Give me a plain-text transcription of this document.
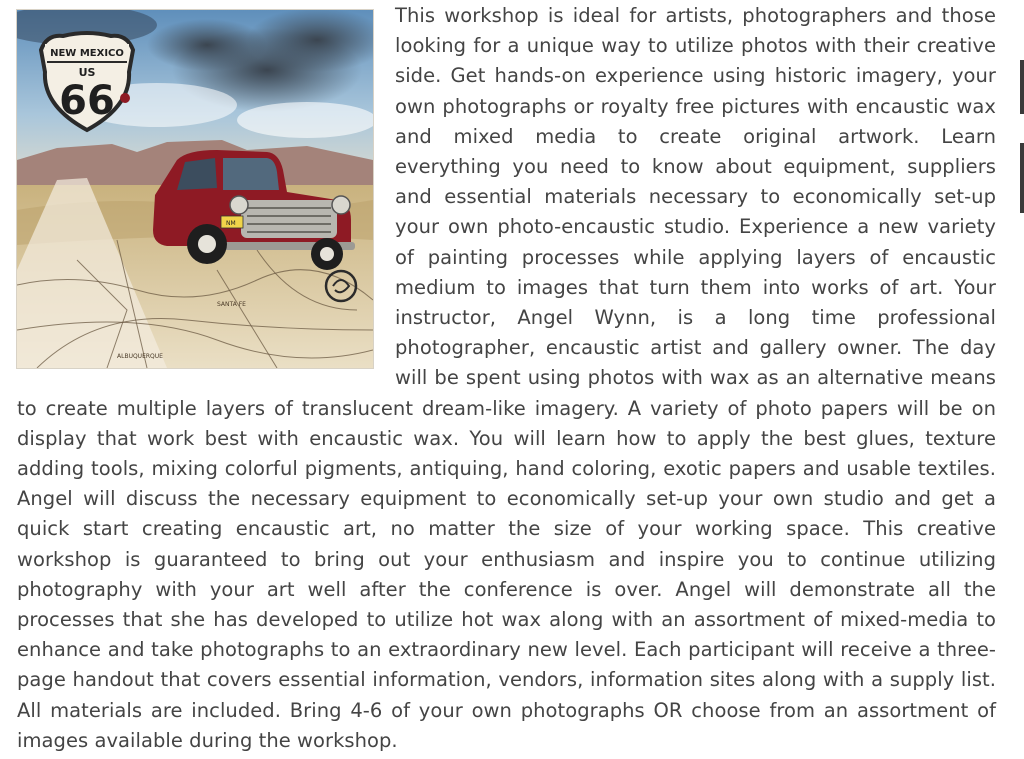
SANTA FE
ALBUQUERQUE
NM
NEW MEXICO
US
66

This workshop is ideal for artists, photographers and those looking for a unique way to utilize photos with their creative side. Get hands-on experience using historic imagery, your own photographs or royalty free pictures with encaustic wax and mixed media to create original artwork. Learn everything you need to know about equipment, suppliers and essential materials necessary to economically set-up your own photo-encaustic studio. Experience a new variety of painting processes while applying layers of encaustic medium to images that turn them into works of art. Your instructor, Angel Wynn, is a long time professional photographer, encaustic artist and gallery owner. The day will be spent using photos with wax as an alternative means to create multiple layers of translucent dream-like imagery. A variety of photo papers will be on display that work best with encaustic wax. You will learn how to apply the best glues, texture adding tools, mixing colorful pigments, antiquing, hand coloring, exotic papers and usable textiles. Angel will discuss the necessary equipment to economically set-up your own studio and get a quick start creating encaustic art, no matter the size of your working space. This creative workshop is guaranteed to bring out your enthusiasm and inspire you to continue utilizing photography with your art well after the conference is over. Angel will demonstrate all the processes that she has developed to utilize hot wax along with an assortment of mixed-media to enhance and take photographs to an extraordinary new level. Each participant will receive a three-page handout that covers essential information, vendors, information sites along with a supply list. All materials are included. Bring 4-6 of your own photographs OR choose from an assortment of images available during the workshop.
